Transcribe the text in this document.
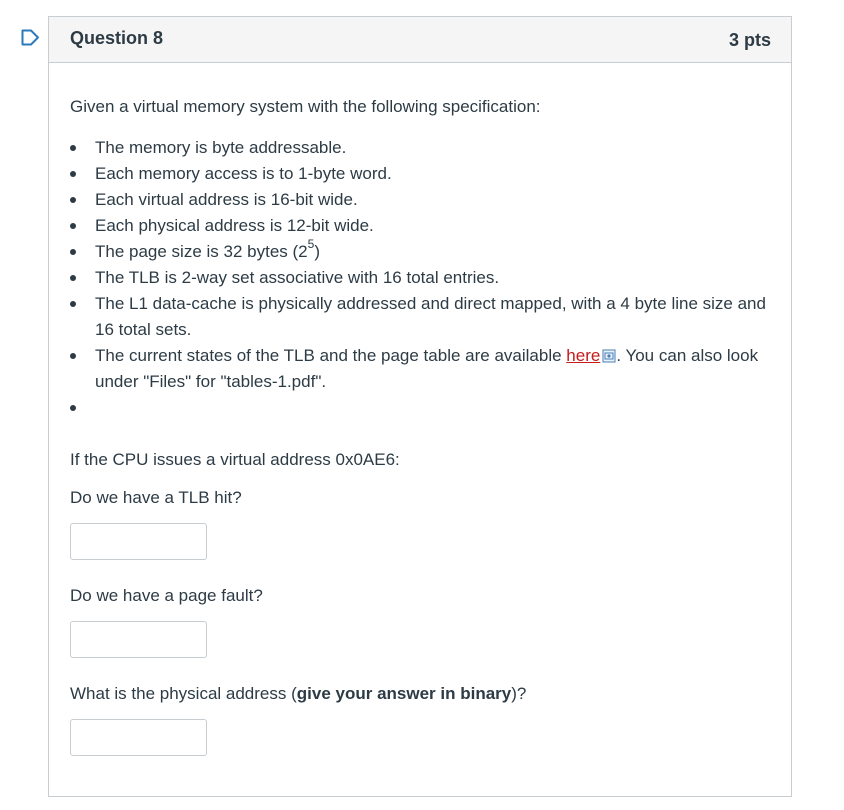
Question 8	3 pts

Given a virtual memory system with the following specification:

The memory is byte addressable.
Each memory access is to 1-byte word.
Each virtual address is 16-bit wide.
Each physical address is 12-bit wide.
The page size is 32 bytes $(2^5)$
The TLB is 2-way set associative with 16 total entries.
The L1 data-cache is physically addressed and direct mapped, with a 4 byte line size and 16 total sets.
The current states of the TLB and the page table are available here . You can also look under "Files" for "tables-1.pdf".

If the CPU issues a virtual address 0x0AE6:

Do we have a TLB hit?

Do we have a page fault?

What is the physical address (give your answer in binary)?
